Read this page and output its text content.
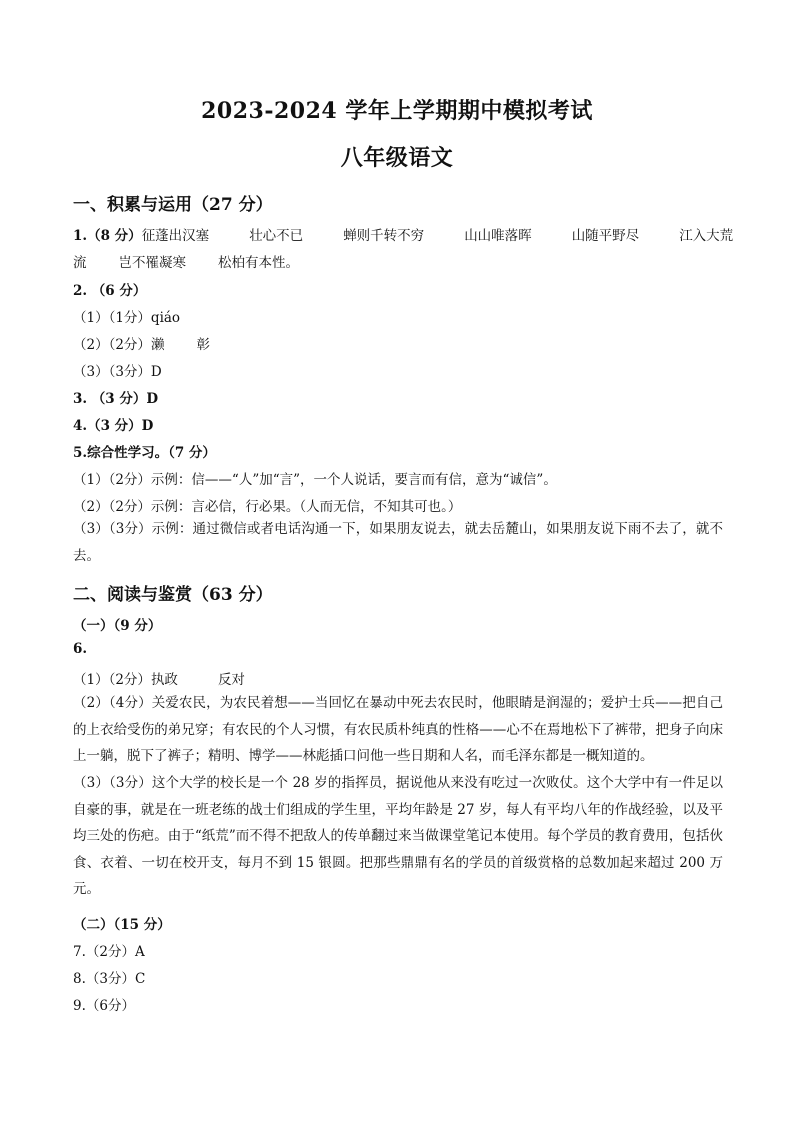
2023-2024 学年上学期期中模拟考试
八年级语文
一、积累与运用（27 分）
1.（8 分）征蓬出汉塞	壮心不已	蝉则千转不穷	山山唯落晖	山随平野尽	江入大荒
流 岂不罹凝寒 松柏有本性。
2. （6 分）
（1）（1分）qiáo
（2）（2分）濑 彰
（3）（3分）D
3. （3 分）D
4.（3 分）D
5.综合性学习。（7 分）
（1）（2分）示例：信——“人”加“言”，一个人说话，要言而有信，意为“诚信”。
（2）（2分）示例：言必信，行必果。（人而无信，不知其可也。）
（3）（3分）示例：通过微信或者电话沟通一下，如果朋友说去，就去岳麓山，如果朋友说下雨不去了，就不去。
二、阅读与鉴赏（63 分）
（一）（9 分）
6.
（1）（2分）执政	反对
（2）（4分）关爱农民，为农民着想——当回忆在暴动中死去农民时，他眼睛是润湿的；爱护士兵——把自己的上衣给受伤的弟兄穿；有农民的个人习惯，有农民质朴纯真的性格——心不在焉地松下了裤带，把身子向床上一躺，脱下了裤子；精明、博学——林彪插口问他一些日期和人名，而毛泽东都是一概知道的。
（3）（3分）这个大学的校长是一个 28 岁的指挥员，据说他从来没有吃过一次败仗。这个大学中有一件足以自豪的事，就是在一班老练的战士们组成的学生里，平均年龄是 27 岁，每人有平均八年的作战经验，以及平均三处的伤疤。由于“纸荒”而不得不把敌人的传单翻过来当做课堂笔记本使用。每个学员的教育费用，包括伙食、衣着、一切在校开支，每月不到 15 银圆。把那些鼎鼎有名的学员的首级赏格的总数加起来超过 200 万元。
（二）（15 分）
7.（2分）A
8.（3分）C
9.（6分）
